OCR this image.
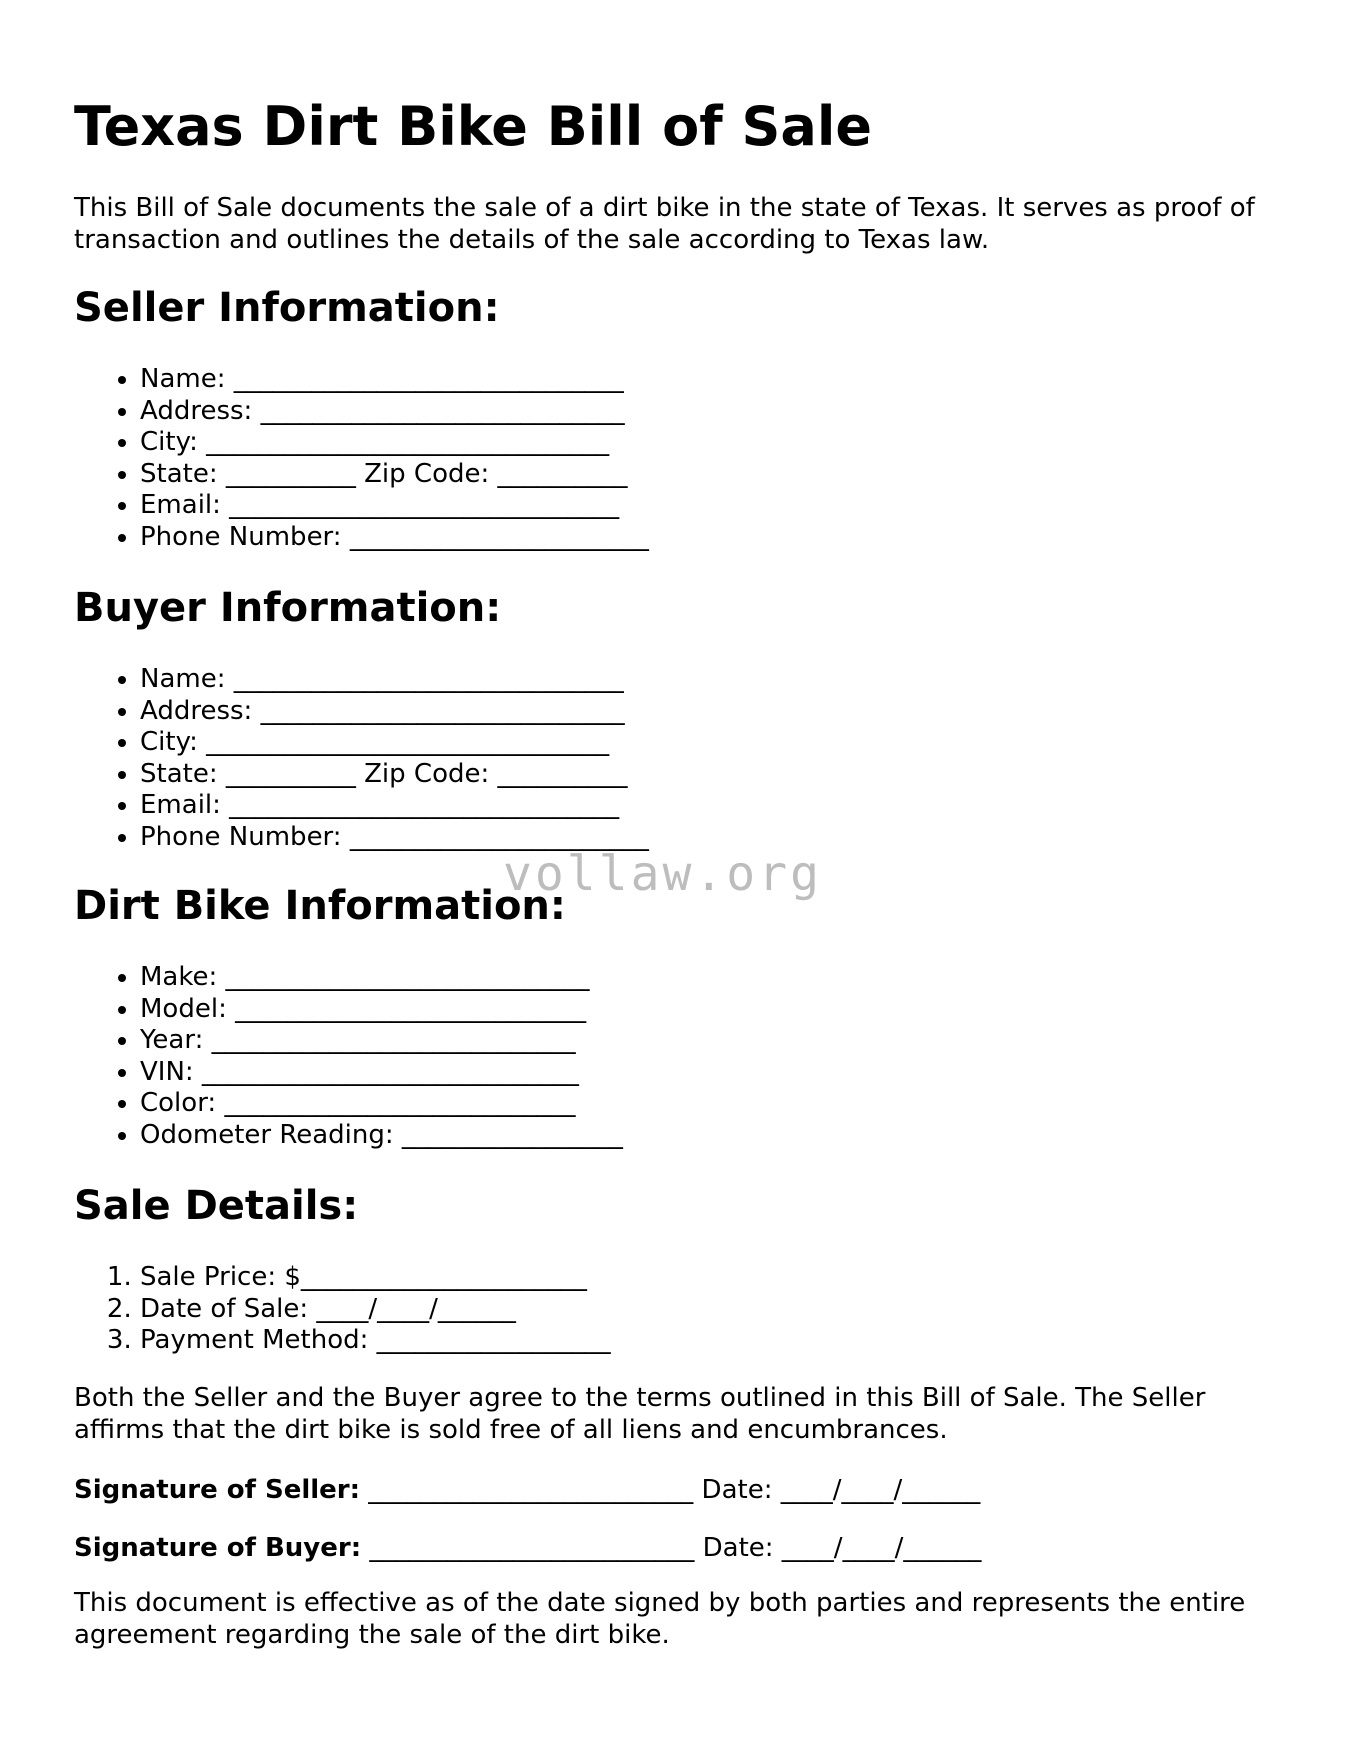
Texas Dirt Bike Bill of Sale

This Bill of Sale documents the sale of a dirt bike in the state of Texas. It serves as proof of transaction and outlines the details of the sale according to Texas law.

Seller Information:
• Name: ______________________________
• Address: ____________________________
• City: _______________________________
• State: __________ Zip Code: __________
• Email: ______________________________
• Phone Number: _______________________
Buyer Information:
• Name: ______________________________
• Address: ____________________________
• City: _______________________________
• State: __________ Zip Code: __________
• Email: ______________________________
• Phone Number: _______________________
Dirt Bike Information:
• Make: ____________________________
• Model: ___________________________
• Year: ____________________________
• VIN: _____________________________
• Color: ___________________________
• Odometer Reading: _________________
Sale Details:
1. Sale Price: $______________________
2. Date of Sale: ____/____/______
3. Payment Method: __________________

Both the Seller and the Buyer agree to the terms outlined in this Bill of Sale. The Seller affirms that the dirt bike is sold free of all liens and encumbrances.

Signature of Seller: _________________________ Date: ____/____/______

Signature of Buyer: _________________________ Date: ____/____/______

This document is effective as of the date signed by both parties and represents the entire agreement regarding the sale of the dirt bike.

vollaw.org
